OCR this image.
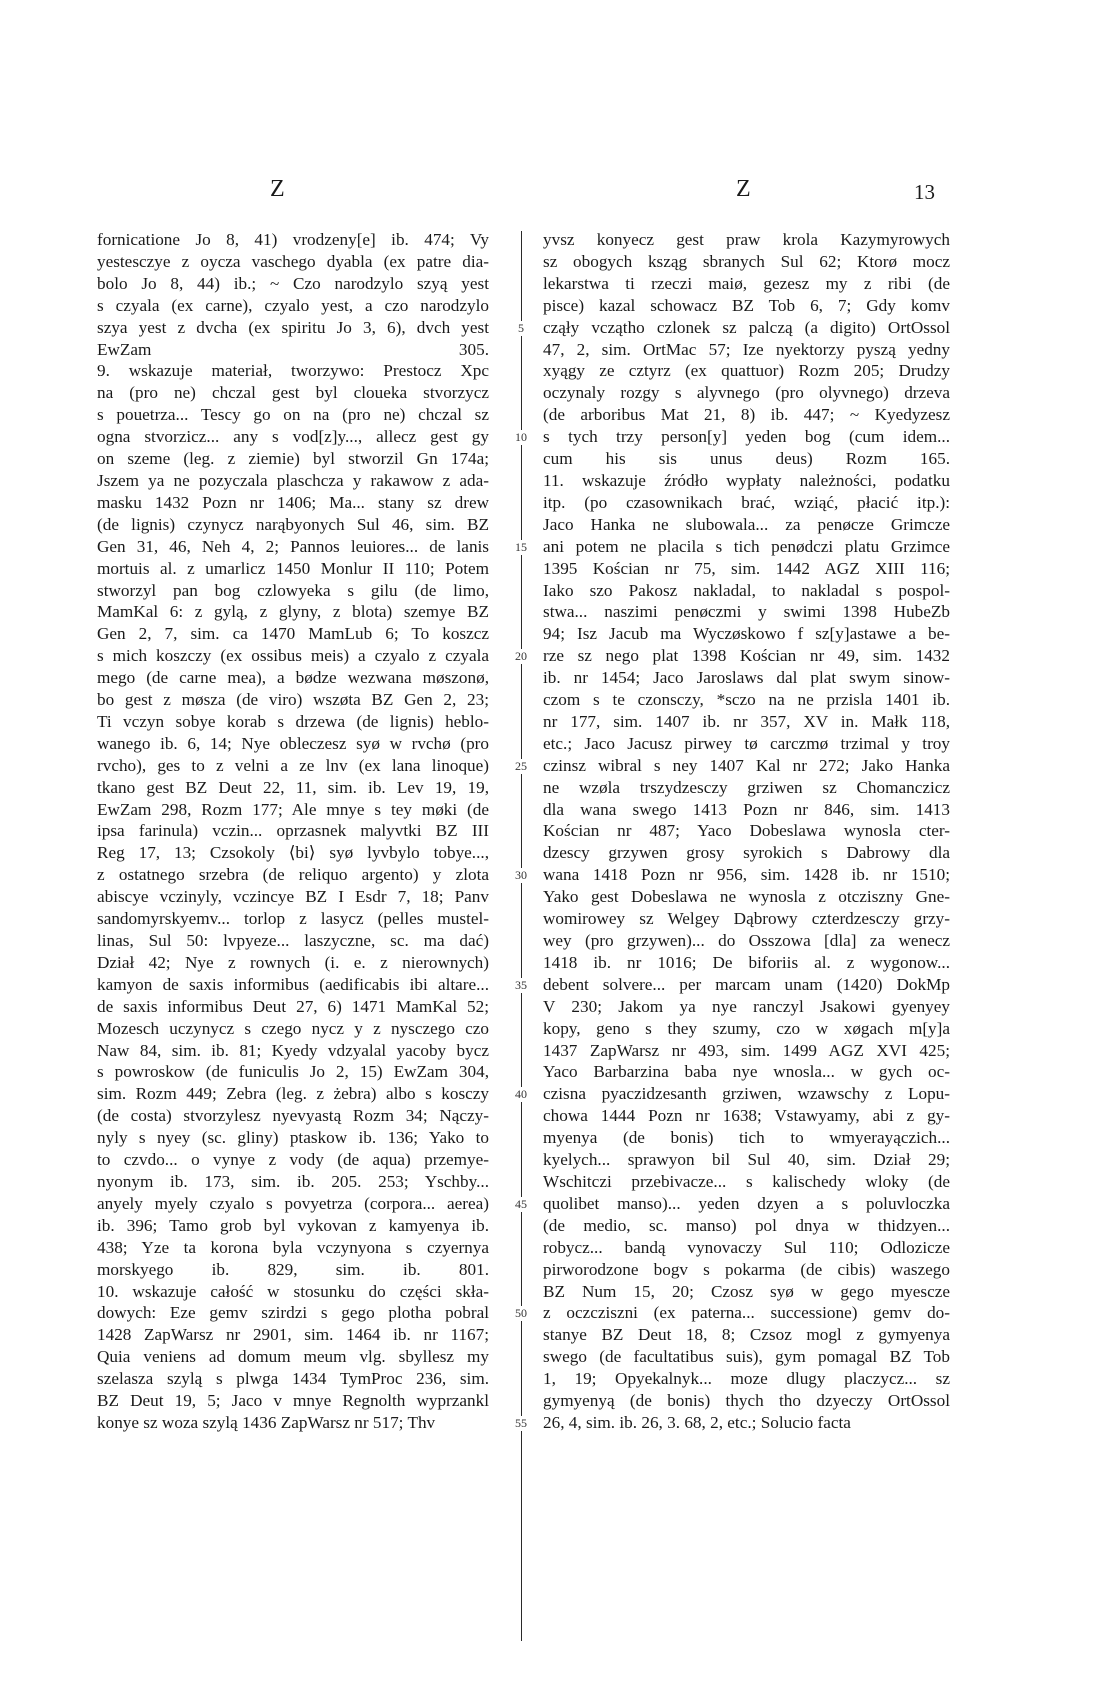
Z	Z	13
fornicatione Jo 8, 41) vrodzeny[e] ib. 474; Vy
yestesczye z oycza vaschego dyabla (ex patre dia-
bolo Jo 8, 44) ib.; ~ Czo narodzylo szyą yest
s czyala (ex carne), czyalo yest, a czo narodzylo
szya yest z dvcha (ex spiritu Jo 3, 6), dvch yest
EwZam 305.
9. wskazuje materiał, tworzywo: Prestocz Xpc
na (pro ne) chczal gest byl cloueka stvorzycz
s pouetrza... Tescy go on na (pro ne) chczal sz
ogna stvorzicz... any s vod[z]y..., allecz gest gy
on szeme (leg. z ziemie) byl stworzil Gn 174a;
Jszem ya ne pozyczala plaschcza y rakawow z ada-
masku 1432 Pozn nr 1406; Ma... stany sz drew
(de lignis) czynycz narąbyonych Sul 46, sim. BZ
Gen 31, 46, Neh 4, 2; Pannos leuiores... de lanis
mortuis al. z umarlicz 1450 Monlur II 110; Potem
stworzyl pan bog czlowyeka s gilu (de limo,
MamKal 6: z gylą, z glyny, z blota) szemye BZ
Gen 2, 7, sim. ca 1470 MamLub 6; To koszcz
s mich koszczy (ex ossibus meis) a czyalo z czyala
mego (de carne mea), a bødze wezwana møszonø,
bo gest z møsza (de viro) wszøta BZ Gen 2, 23;
Ti vczyn sobye korab s drzewa (de lignis) heblo-
wanego ib. 6, 14; Nye obleczesz syø w rvchø (pro
rvcho), ges to z velni a ze lnv (ex lana linoque)
tkano gest BZ Deut 22, 11, sim. ib. Lev 19, 19,
EwZam 298, Rozm 177; Ale mnye s tey møki (de
ipsa farinula) vczin... oprzasnek malyvtki BZ III
Reg 17, 13; Czsokoly ⟨bi⟩ syø lyvbylo tobye...,
z ostatnego srzebra (de reliquo argento) y zlota
abiscye vczinyly, vczincye BZ I Esdr 7, 18; Panv
sandomyrskyemv... torlop z lasycz (pelles mustel-
linas, Sul 50: lvpyeze... laszyczne, sc. ma dać)
Dział 42; Nye z rownych (i. e. z nierownych)
kamyon de saxis informibus (aedificabis ibi altare...
de saxis informibus Deut 27, 6) 1471 MamKal 52;
Mozesch uczynycz s czego nycz y z nysczego czo
Naw 84, sim. ib. 81; Kyedy vdzyalal yacoby bycz
s powroskow (de funiculis Jo 2, 15) EwZam 304,
sim. Rozm 449; Zebra (leg. z żebra) albo s kosczy
(de costa) stvorzylesz nyevyastą Rozm 34; Nączy-
nyly s nyey (sc. gliny) ptaskow ib. 136; Yako to
to czvdo... o vynye z vody (de aqua) przemye-
nyonym ib. 173, sim. ib. 205. 253; Yschby...
anyely myely czyalo s povyetrza (corpora... aerea)
ib. 396; Tamo grob byl vykovan z kamyenya ib.
438; Yze ta korona byla vczynyona s czyernya
morskyego ib. 829, sim. ib. 801.
10. wskazuje całość w stosunku do części skła-
dowych: Eze gemv szirdzi s gego plotha pobral
1428 ZapWarsz nr 2901, sim. 1464 ib. nr 1167;
Quia veniens ad domum meum vlg. sbyllesz my
szelasza szylą s plwga 1434 TymProc 236, sim.
BZ Deut 19, 5; Jaco v mnye Regnolth wyprzankl
konye sz woza szylą 1436 ZapWarsz nr 517; Thv
5
10
15
20
25
30
35
40
45
50
55
yvsz konyecz gest praw krola Kazymyrowych
sz obogych ksząg sbranych Sul 62; Ktorø mocz
lekarstwa ti rzeczi maiø, gezesz my z ribi (de
pisce) kazal schowacz BZ Tob 6, 7; Gdy komv
cząły vcząthо czlonek sz palczą (a digito) OrtOssol
47, 2, sim. OrtMac 57; Ize nyektorzy pyszą yedny
xyągy ze cztyrz (ex quattuor) Rozm 205; Drudzy
oczynaly rozgy s alyvnego (pro olyvnego) drzeva
(de arboribus Mat 21, 8) ib. 447; ~ Kyedyzesz
s tych trzy person[y] yeden bog (cum idem...
cum his sis unus deus) Rozm 165.
11. wskazuje źródło wypłaty należności, podatku
itp. (po czasownikach brać, wziąć, płacić itp.):
Jaco Hanka ne slubowala... za penøcze Grimcze
ani potem ne placila s tich penødczi platu Grzimce
1395 Kościan nr 75, sim. 1442 AGZ XIII 116;
Iako szo Pakosz nakladal, to nakladal s pospol-
stwa... naszimi penøczmi y swimi 1398 HubeZb
94; Isz Jacub ma Wyczøskowo f sz[y]astawe a be-
rze sz nego plat 1398 Kościan nr 49, sim. 1432
ib. nr 1454; Jaco Jaroslaws dal plat swym sinow-
czom s te czonsczy, *sczo na ne przisla 1401 ib.
nr 177, sim. 1407 ib. nr 357, XV in. Małk 118,
etc.; Jaco Jacusz pirwey tø carczmø trzimal y troy
czinsz wibral s ney 1407 Kal nr 272; Jako Hanka
ne wzøla trszydzesczy grziwen sz Chomanczicz
dla wana swego 1413 Pozn nr 846, sim. 1413
Kościan nr 487; Yaco Dobeslawa wynosla cter-
dzescy grzywen grosy syrokich s Dabrowy dla
wana 1418 Pozn nr 956, sim. 1428 ib. nr 1510;
Yako gest Dobeslawa ne wynosla z otcziszny Gne-
womirowey sz Welgey Dąbrowy czterdzesczy grzy-
wey (pro grzywen)... do Osszowa [dla] za wenecz
1418 ib. nr 1016; De biforiis al. z wygonow...
debent solvere... per marcam unam (1420) DokMp
V 230; Jakom ya nye ranczyl Jsakowi gyenyey
kopy, geno s they szumy, czo w xøgach m[y]a
1437 ZapWarsz nr 493, sim. 1499 AGZ XVI 425;
Yaco Barbarzina baba nye wnosla... w gych oc-
czisna pyaczidzesanth grziwen, wzawschy z Lopu-
chowa 1444 Pozn nr 1638; Vstawyamy, abi z gy-
myenya (de bonis) tich to wmyerayączich...
kyelych... sprawyon bil Sul 40, sim. Dział 29;
Wschitczi przebivacze... s kalischedy wloky (de
quolibet manso)... yeden dzyen a s poluvloczka
(de medio, sc. manso) pol dnya w thidzyen...
robycz... bandą vynovaczy Sul 110; Odlozicze
pirworodzone bogv s pokarma (de cibis) waszego
BZ Num 15, 20; Czosz syø w gego myescze
z oczcziszni (ex paterna... successione) gemv do-
stanye BZ Deut 18, 8; Czsoz mogl z gymyenya
swego (de facultatibus suis), gym pomagal BZ Tob
1, 19; Opyekalnyk... moze dlugy placzycz... sz
gymyenyą (de bonis) thych tho dzyeczy OrtOssol
26, 4, sim. ib. 26, 3. 68, 2, etc.; Solucio facta
